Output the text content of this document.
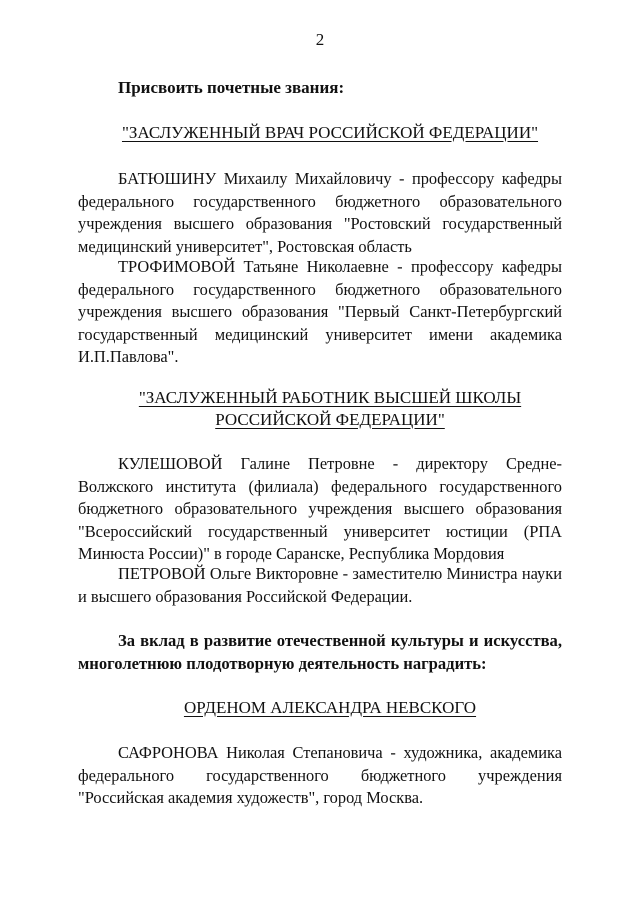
2
Присвоить почетные звания:
"ЗАСЛУЖЕННЫЙ ВРАЧ РОССИЙСКОЙ ФЕДЕРАЦИИ"
БАТЮШИНУ Михаилу Михайловичу - профессору кафедры федерального государственного бюджетного образовательного учреждения высшего образования "Ростовский государственный медицинский университет", Ростовская область
ТРОФИМОВОЙ Татьяне Николаевне - профессору кафедры федерального государственного бюджетного образовательного учреждения высшего образования "Первый Санкт-Петербургский государственный медицинский университет имени академика И.П.Павлова".
"ЗАСЛУЖЕННЫЙ РАБОТНИК ВЫСШЕЙ ШКОЛЫ
РОССИЙСКОЙ ФЕДЕРАЦИИ"
КУЛЕШОВОЙ Галине Петровне - директору Средне-Волжского института (филиала) федерального государственного бюджетного образовательного учреждения высшего образования "Всероссийский государственный университет юстиции (РПА Минюста России)" в городе Саранске, Республика Мордовия
ПЕТРОВОЙ Ольге Викторовне - заместителю Министра науки и высшего образования Российской Федерации.
За вклад в развитие отечественной культуры и искусства, многолетнюю плодотворную деятельность наградить:
ОРДЕНОМ АЛЕКСАНДРА НЕВСКОГО
САФРОНОВА Николая Степановича - художника, академика федерального государственного бюджетного учреждения "Российская академия художеств", город Москва.
